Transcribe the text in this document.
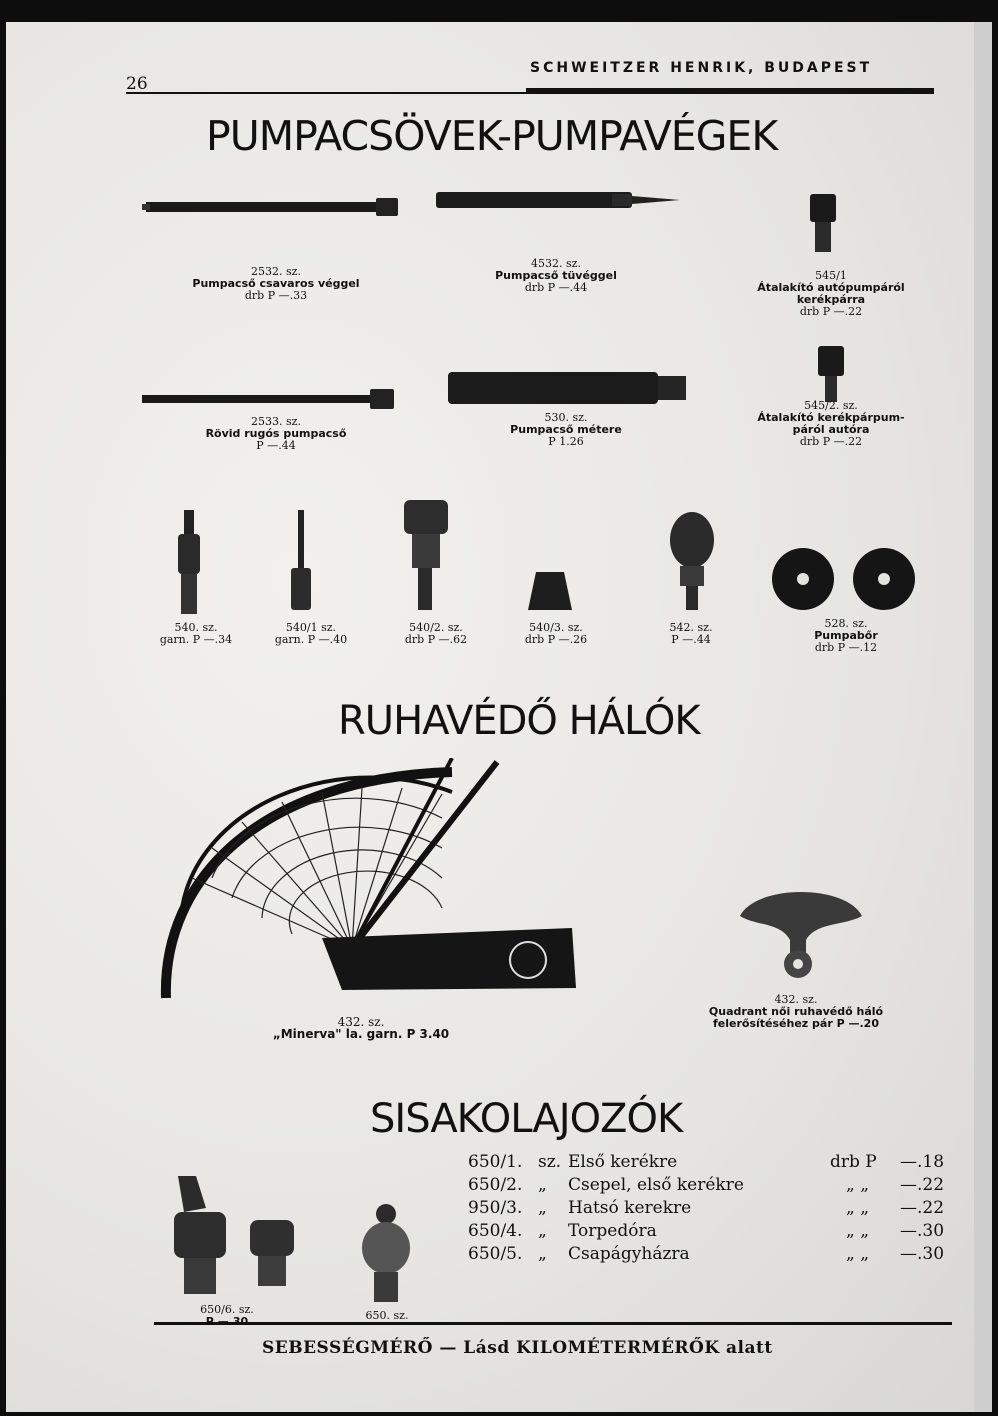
SCHWEITZER HENRIK, BUDAPEST
26
PUMPACSÖVEK-PUMPAVÉGEK
2532. sz.
Pumpacső csavaros véggel
drb P —.33
4532. sz.
Pumpacső tüvéggel
drb P —.44
545/1
Átalakító autópumpáról
kerékpárra
drb P —.22
2533. sz.
Rövid rugós pumpacső
P —.44
530. sz.
Pumpacső métere
P 1.26
545/2. sz.
Átalakító kerékpárpum-
páról autóra
drb P —.22
540. sz.
garn. P —.34
540/1 sz.
garn. P —.40
540/2. sz.
drb P —.62
540/3. sz.
drb P —.26
542. sz.
P —.44
528. sz.
Pumpabőr
drb P —.12
RUHAVÉDŐ HÁLÓK
432. sz.
„Minerva" la. garn. P 3.40
432. sz.
Quadrant női ruhavédő háló
felerősítéséhez pár P —.20
SISAKOLAJOZÓK
650/6. sz.
P —.30	650. sz.
650/1. sz. Első kerékre	drb P —.18
650/2. „ Csepel, első kerékre	„ „ —.22
950/3. „ Hatsó kerekre	„ „ —.22
650/4. „ Torpedóra	„ „ —.30
650/5. „ Csapágyházra	„ „ —.30
SEBESSÉGMÉRŐ — Lásd KILOMÉTERMÉRŐK alatt
